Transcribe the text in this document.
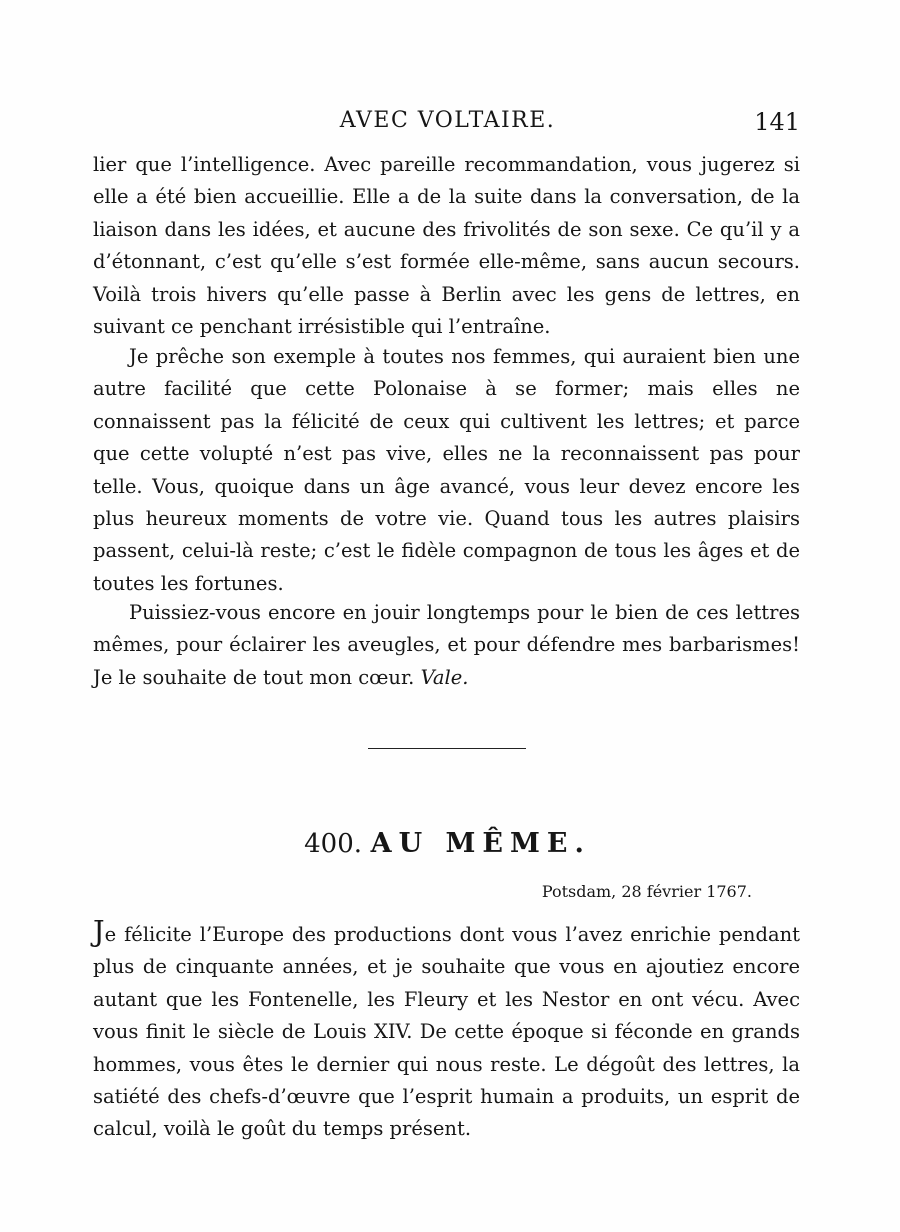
AVEC VOLTAIRE.	141

lier que l’intelligence. Avec pareille recommandation, vous jugerez si elle a été bien accueillie. Elle a de la suite dans la conversation, de la liaison dans les idées, et aucune des frivolités de son sexe. Ce qu’il y a d’étonnant, c’est qu’elle s’est formée elle-même, sans aucun secours. Voilà trois hivers qu’elle passe à Berlin avec les gens de lettres, en suivant ce penchant irrésistible qui l’entraîne.

Je prêche son exemple à toutes nos femmes, qui auraient bien une autre facilité que cette Polonaise à se former; mais elles ne connaissent pas la félicité de ceux qui cultivent les lettres; et parce que cette volupté n’est pas vive, elles ne la reconnaissent pas pour telle. Vous, quoique dans un âge avancé, vous leur devez encore les plus heureux moments de votre vie. Quand tous les autres plaisirs passent, celui-là reste; c’est le fidèle compagnon de tous les âges et de toutes les fortunes.

Puissiez-vous encore en jouir longtemps pour le bien de ces lettres mêmes, pour éclairer les aveugles, et pour défendre mes barbarismes! Je le souhaite de tout mon cœur. Vale.

400. AU MÊME.
Potsdam, 28 février 1767.

Je félicite l’Europe des productions dont vous l’avez enrichie pendant plus de cinquante années, et je souhaite que vous en ajoutiez encore autant que les Fontenelle, les Fleury et les Nestor en ont vécu. Avec vous finit le siècle de Louis XIV. De cette époque si féconde en grands hommes, vous êtes le dernier qui nous reste. Le dégoût des lettres, la satiété des chefs-d’œuvre que l’esprit humain a produits, un esprit de calcul, voilà le goût du temps présent.
